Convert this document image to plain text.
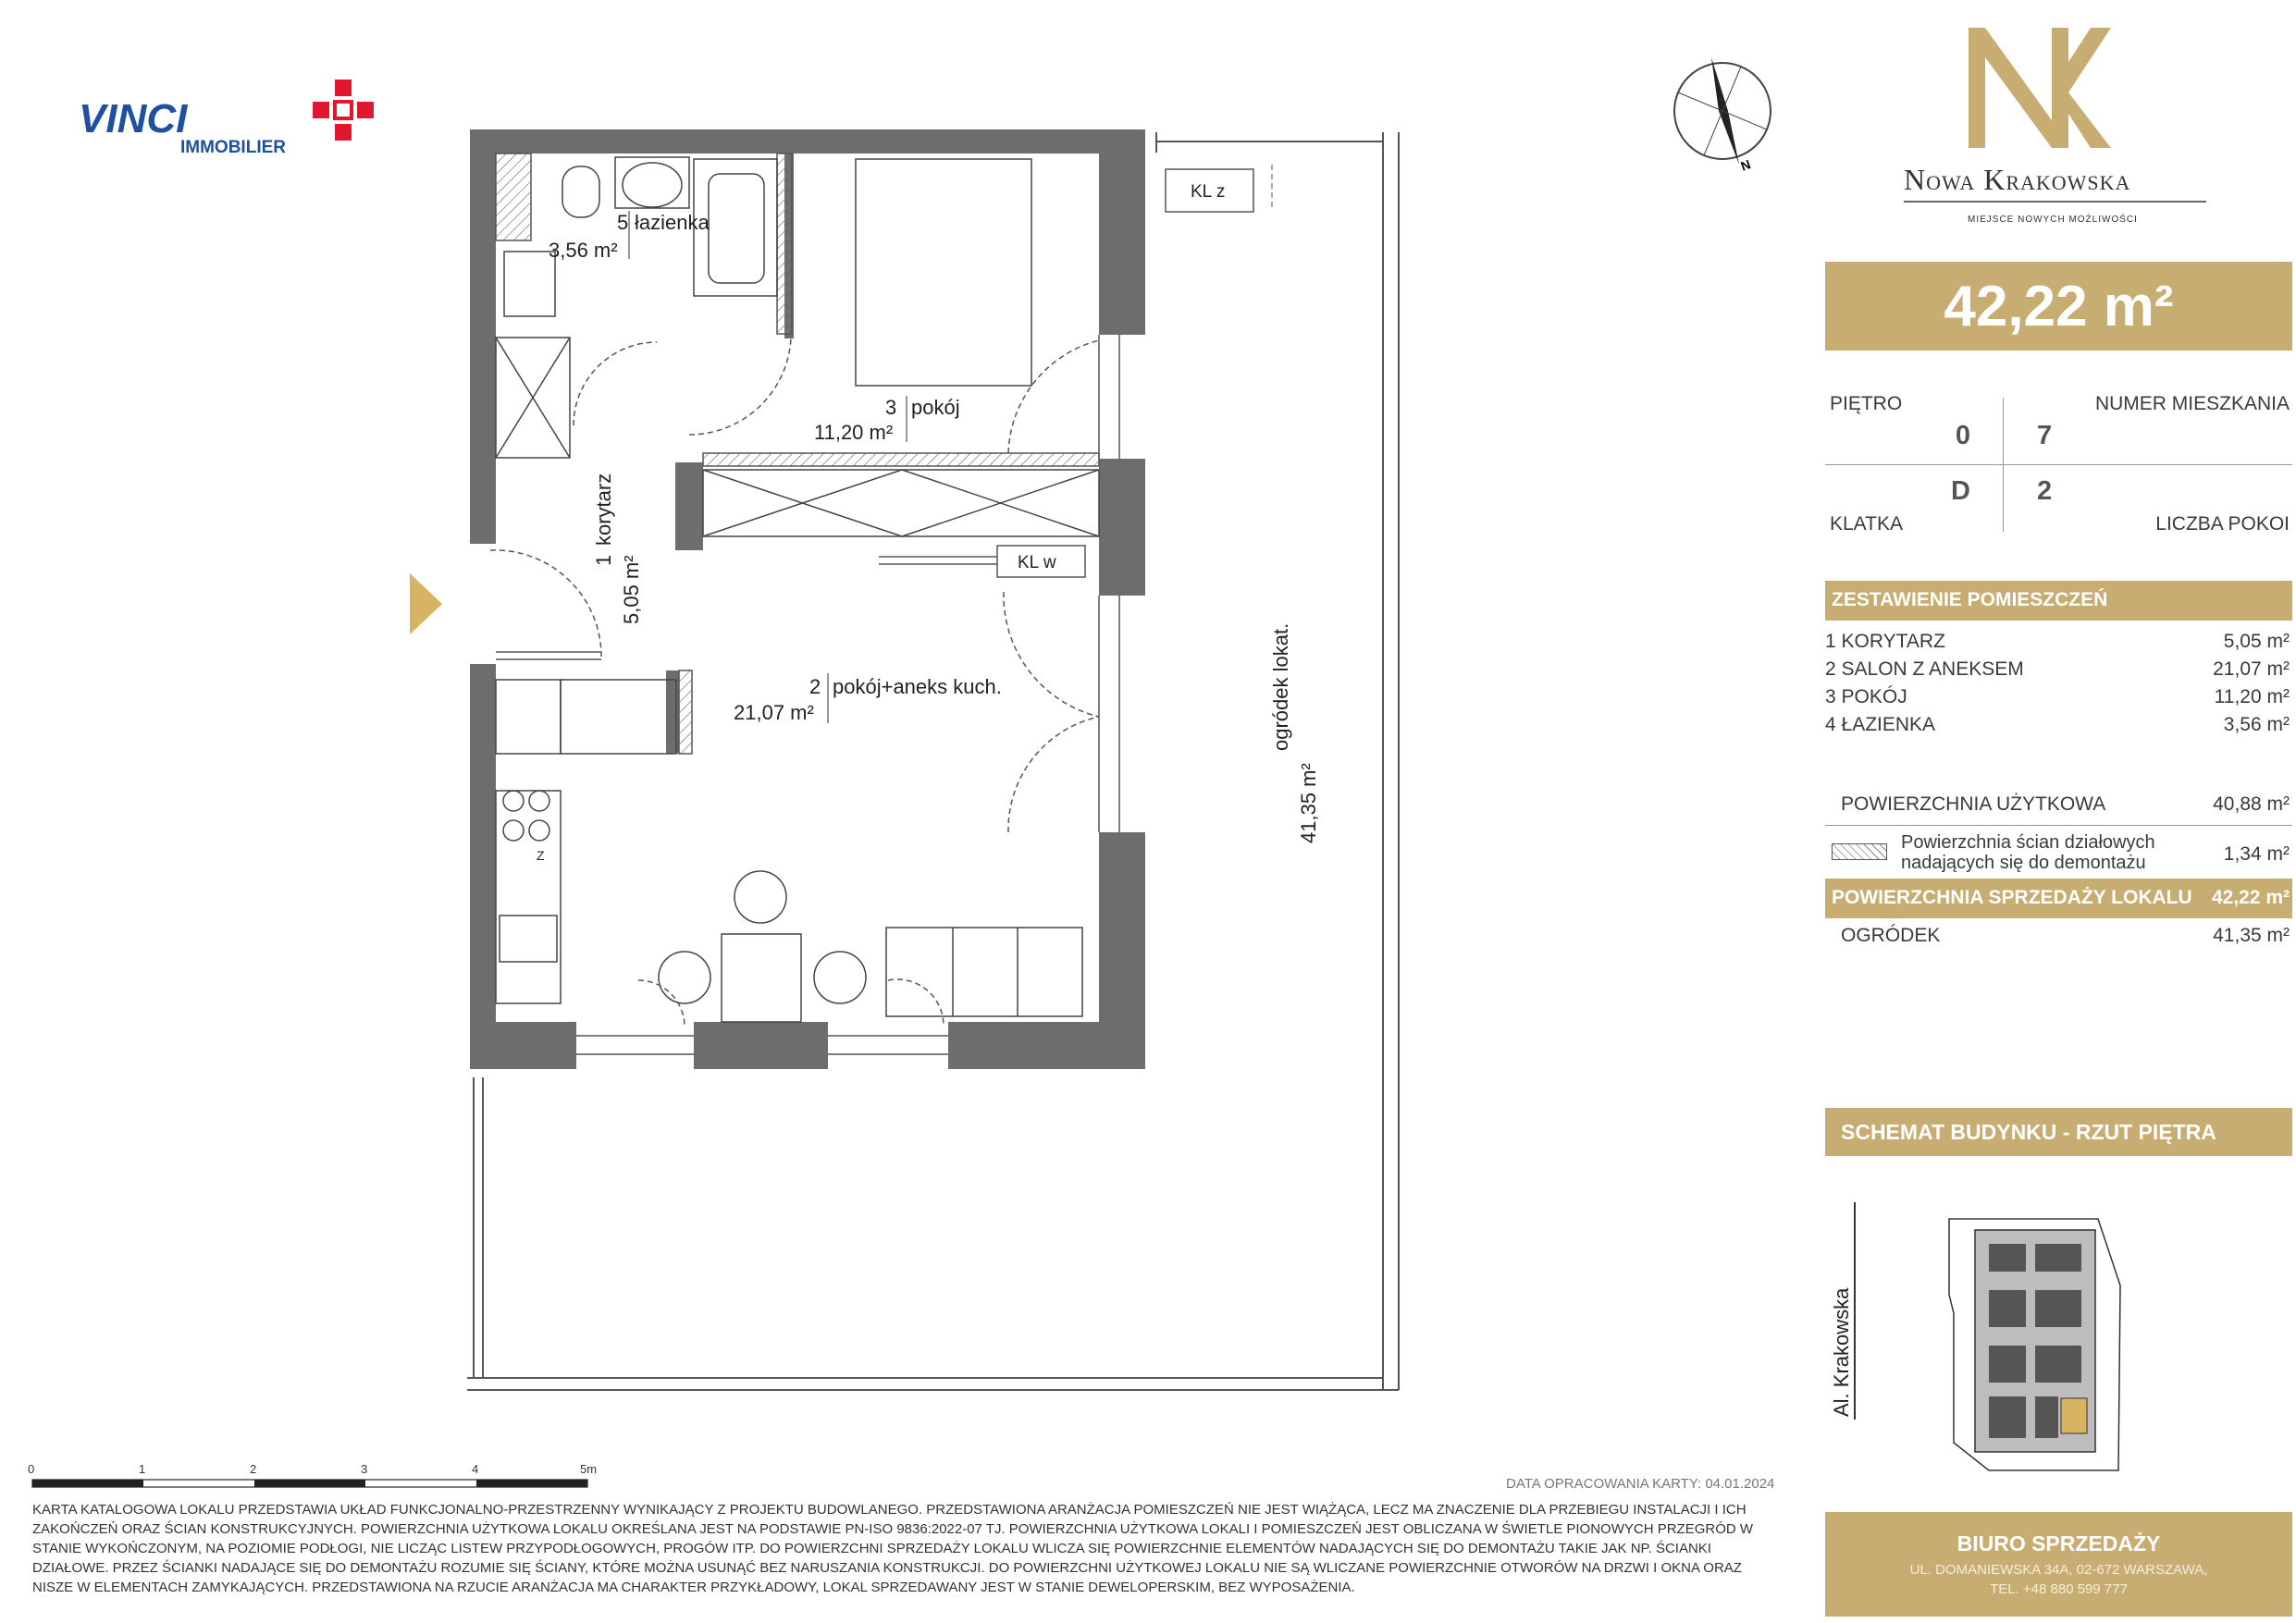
5 łazienka
3,56 m²
3 pokój
11,20 m²
2 pokój+aneks kuch.
21,07 m²
1
korytarz
5,05 m²
ogródek lokat.
41,35 m²
KL z
KL w
Z
N
VINCI
IMMOBILIER
Nowa Krakowska
MIEJSCE NOWYCH MOŻLIWOŚCI
0	1	2	3	4	5m
Al. Krakowska
42,22 m²
PIĘTRO	NUMER MIESZKANIA
0 7
D 2
KLATKA	LICZBA POKOI
ZESTAWIENIE POMIESZCZEŃ
1 KORYTARZ	5,05 m²
2 SALON Z ANEKSEM	21,07 m²
3 POKÓJ	11,20 m²
4 ŁAZIENKA	3,56 m²
POWIERZCHNIA UŻYTKOWA	40,88 m²
Powierzchnia ścian działowych
nadających się do demontażu	1,34 m²
POWIERZCHNIA SPRZEDAŻY LOKALU	42,22 m²
OGRÓDEK	41,35 m²
SCHEMAT BUDYNKU - RZUT PIĘTRA
DATA OPRACOWANIA KARTY: 04.01.2024
KARTA KATALOGOWA LOKALU PRZEDSTAWIA UKŁAD FUNKCJONALNO-PRZESTRZENNY WYNIKAJĄCY Z PROJEKTU BUDOWLANEGO. PRZEDSTAWIONA ARANŻACJA POMIESZCZEŃ NIE JEST WIĄŻĄCA, LECZ MA ZNACZENIE DLA PRZEBIEGU INSTALACJI I ICH
ZAKOŃCZEŃ ORAZ ŚCIAN KONSTRUKCYJNYCH. POWIERZCHNIA UŻYTKOWA LOKALU OKREŚLANA JEST NA PODSTAWIE PN-ISO 9836:2022-07 TJ. POWIERZCHNIA UŻYTKOWA LOKALI I POMIESZCZEŃ JEST OBLICZANA W ŚWIETLE PIONOWYCH PRZEGRÓD W
STANIE WYKOŃCZONYM, NA POZIOMIE PODŁOGI, NIE LICZĄC LISTEW PRZYPODŁOGOWYCH, PROGÓW ITP. DO POWIERZCHNI SPRZEDAŻY LOKALU WLICZA SIĘ POWIERZCHNIE ELEMENTÓW NADAJĄCYCH SIĘ DO DEMONTAŻU TAKIE JAK NP. ŚCIANKI
DZIAŁOWE. PRZEZ ŚCIANKI NADAJĄCE SIĘ DO DEMONTAŻU ROZUMIE SIĘ ŚCIANY, KTÓRE MOŻNA USUNĄĆ BEZ NARUSZANIA KONSTRUKCJI. DO POWIERZCHNI UŻYTKOWEJ LOKALU NIE SĄ WLICZANE POWIERZCHNIE OTWORÓW NA DRZWI I OKNA ORAZ
NISZE W ELEMENTACH ZAMYKAJĄCYCH. PRZEDSTAWIONA NA RZUCIE ARANŻACJA MA CHARAKTER PRZYKŁADOWY, LOKAL SPRZEDAWANY JEST W STANIE DEWELOPERSKIM, BEZ WYPOSAŻENIA.
BIURO SPRZEDAŻY
UL. DOMANIEWSKA 34A, 02-672 WARSZAWA,
TEL. +48 880 599 777
